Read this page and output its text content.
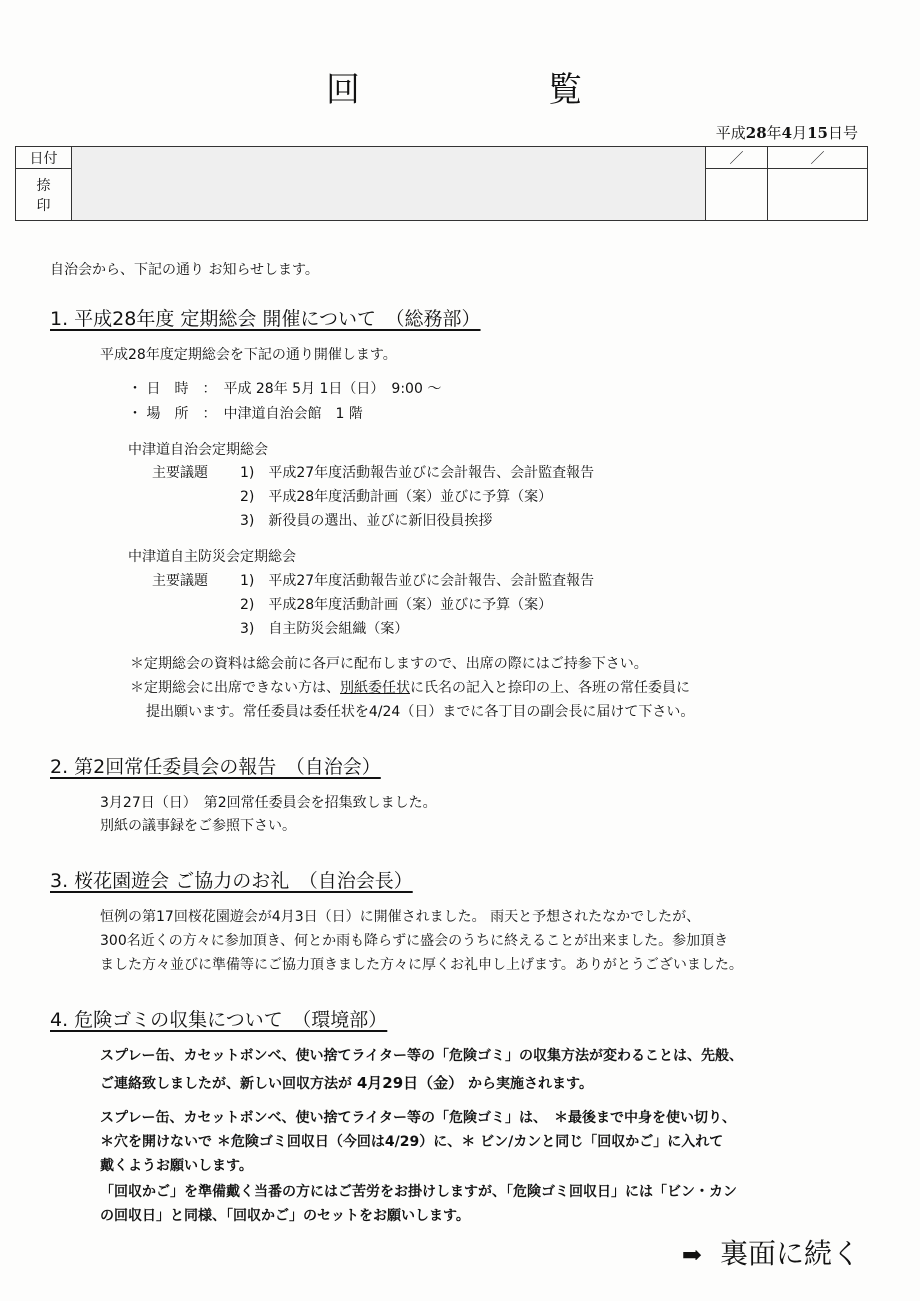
回	覧
平成28年4月15日号
日付		／	／

捺
印			

自治会から、下記の通り お知らせします。
1. 平成28年度 定期総会 開催について　（総務部）
平成28年度定期総会を下記の通り開催します。
・ 日　時　：　平成 28年 5月 1日（日）　9:00 ～
・ 場　所　：　中津道自治会館　1 階
中津道自治会定期総会
主要議題 1)　平成27年度活動報告並びに会計報告、会計監査報告
2)　平成28年度活動計画（案）並びに予算（案）
3)　新役員の選出、並びに新旧役員挨拶
中津道自主防災会定期総会
主要議題 1)　平成27年度活動報告並びに会計報告、会計監査報告
2)　平成28年度活動計画（案）並びに予算（案）
3)　自主防災会組織（案）
＊定期総会の資料は総会前に各戸に配布しますので、出席の際にはご持参下さい。
＊定期総会に出席できない方は、別紙委任状に氏名の記入と捺印の上、各班の常任委員に
提出願います。常任委員は委任状を4/24（日）までに各丁目の副会長に届けて下さい。
2. 第2回常任委員会の報告　（自治会）
3月27日（日）　第2回常任委員会を招集致しました。
別紙の議事録をご参照下さい。
3. 桜花園遊会 ご協力のお礼　（自治会長）
恒例の第17回桜花園遊会が4月3日（日）に開催されました。 雨天と予想されたなかでしたが、
300名近くの方々に参加頂き、何とか雨も降らずに盛会のうちに終えることが出来ました。参加頂き
ました方々並びに準備等にご協力頂きました方々に厚くお礼申し上げます。ありがとうございました。
4. 危険ゴミの収集について　（環境部）
スプレー缶、カセットボンベ、使い捨てライター等の「危険ゴミ」の収集方法が変わることは、先般、
ご連絡致しましたが、新しい回収方法が 4月29日（金） から実施されます。
スプレー缶、カセットボンベ、使い捨てライター等の「危険ゴミ」は、　＊最後まで中身を使い切り、
＊穴を開けないで ＊危険ゴミ回収日（今回は4/29）に、＊ ビン/カンと同じ「回収かご」に入れて
戴くようお願いします。
「回収かご」を準備戴く当番の方にはご苦労をお掛けしますが、「危険ゴミ回収日」には「ビン・カン
の回収日」と同様、「回収かご」のセットをお願いします。
➡ 裏面に続く
